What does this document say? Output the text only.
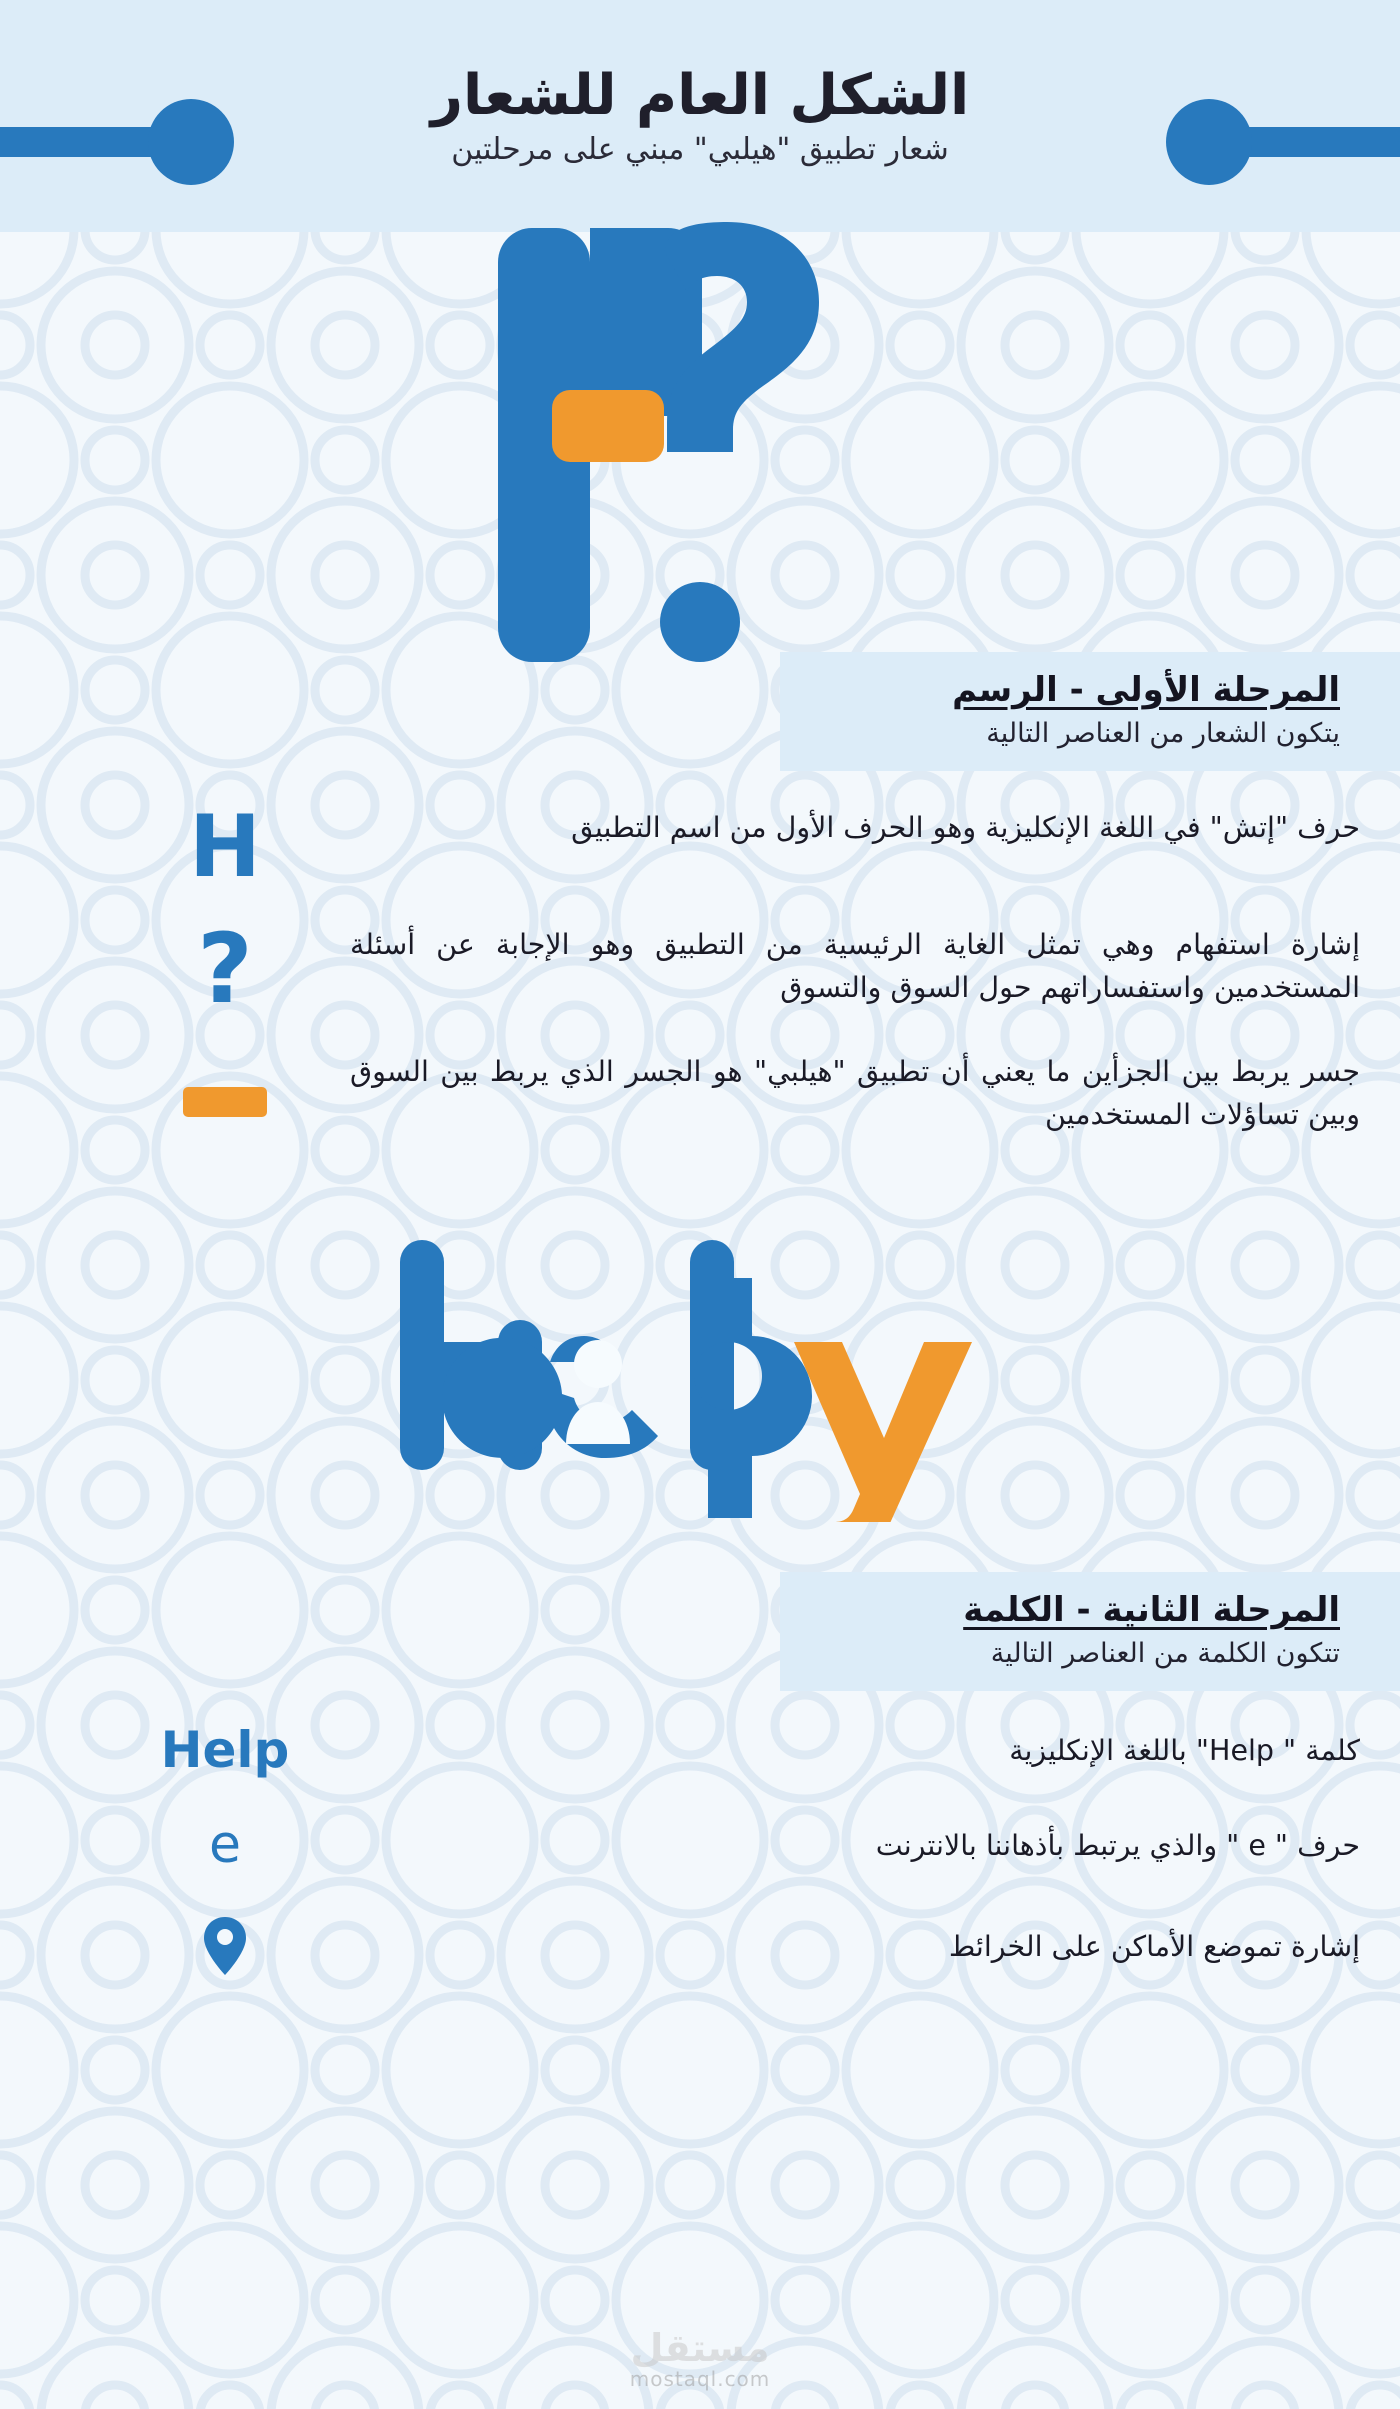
الشكل العام للشعار
شعار تطبيق "هيلبي" مبني على مرحلتين
المرحلة الأولى - الرسم
يتكون الشعار من العناصر التالية
حرف "إتش" في اللغة الإنكليزية وهو الحرف الأول من اسم التطبيق
H
إشارة استفهام وهي تمثل الغاية الرئيسية من التطبيق وهو الإجابة عن أسئلة المستخدمين واستفساراتهم حول السوق والتسوق
?
جسر يربط بين الجزأين ما يعني أن تطبيق "هيلبي" هو الجسر الذي يربط بين السوق وبين تساؤلات المستخدمين
المرحلة الثانية - الكلمة
تتكون الكلمة من العناصر التالية
كلمة " Help" باللغة الإنكليزية
Help
حرف " e " والذي يرتبط بأذهاننا بالانترنت
e
إشارة تموضع الأماكن على الخرائط
مستقل
mostaql.com
